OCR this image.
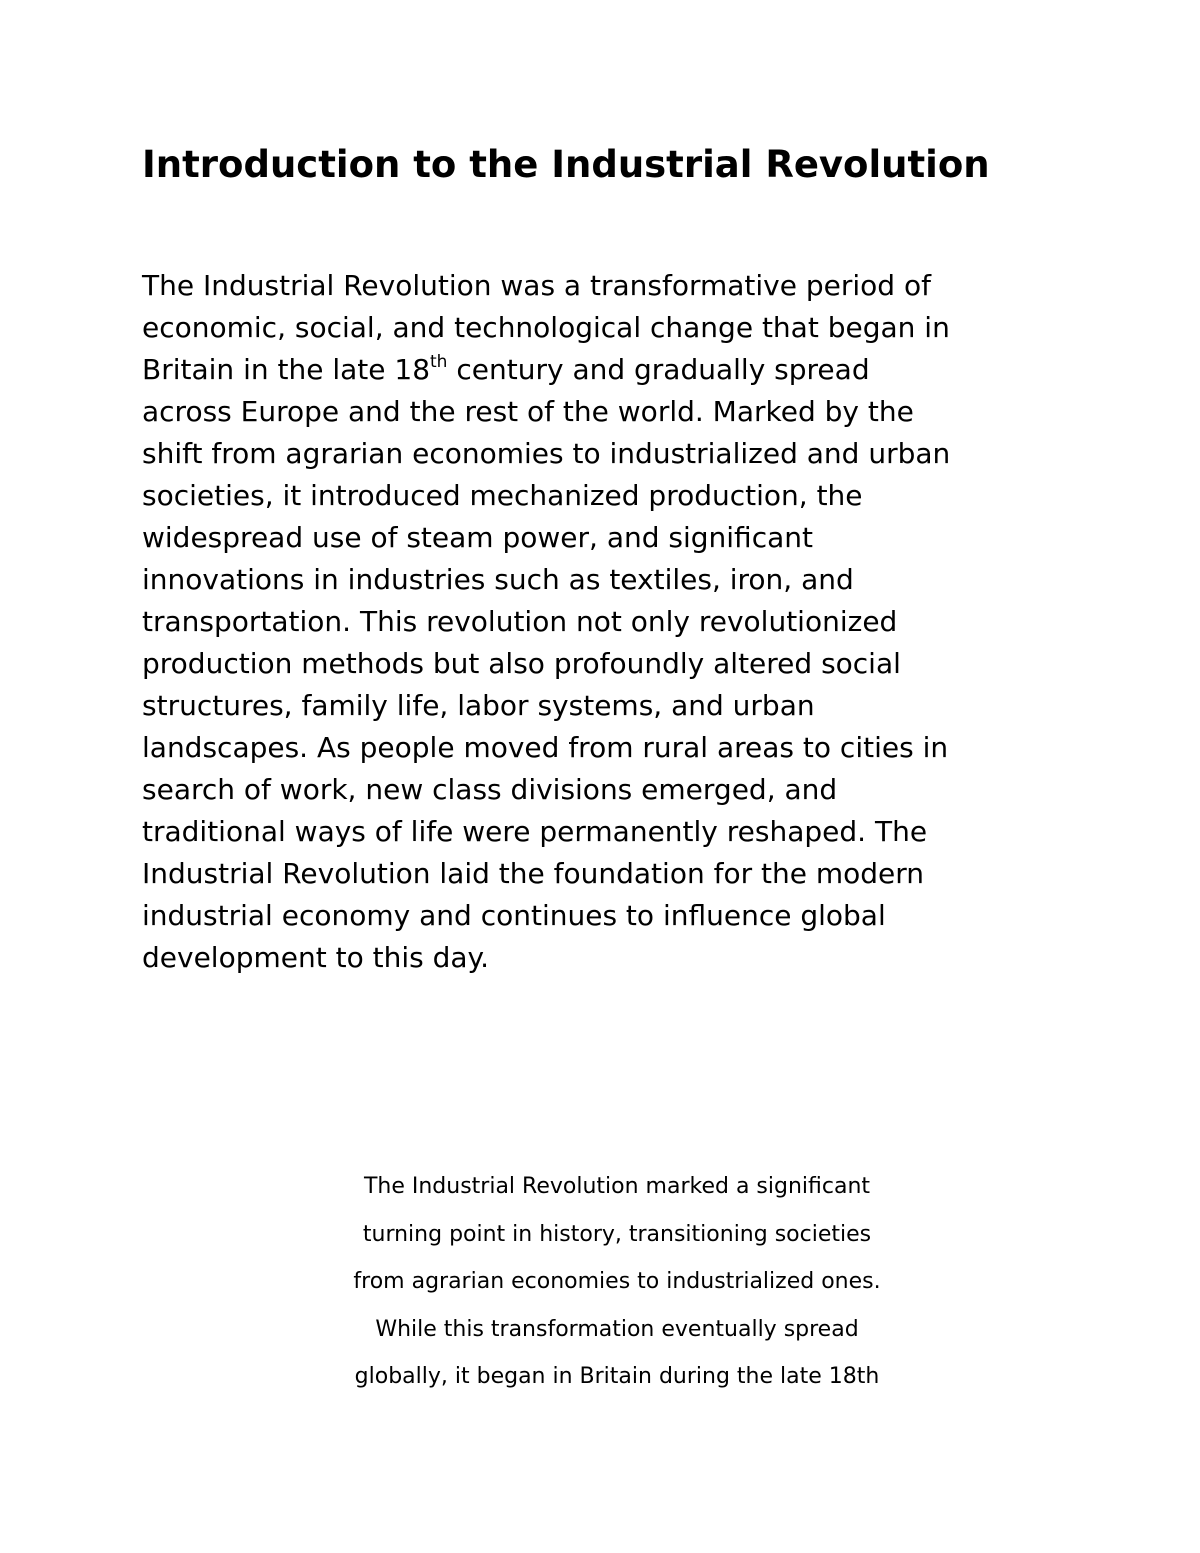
Introduction to the Industrial Revolution

The Industrial Revolution was a transformative period of
economic, social, and technological change that began in
Britain in the late 18th century and gradually spread
across Europe and the rest of the world. Marked by the
shift from agrarian economies to industrialized and urban
societies, it introduced mechanized production, the
widespread use of steam power, and significant
innovations in industries such as textiles, iron, and
transportation. This revolution not only revolutionized
production methods but also profoundly altered social
structures, family life, labor systems, and urban
landscapes. As people moved from rural areas to cities in
search of work, new class divisions emerged, and
traditional ways of life were permanently reshaped. The
Industrial Revolution laid the foundation for the modern
industrial economy and continues to influence global
development to this day.

The Industrial Revolution marked a significant
turning point in history, transitioning societies
from agrarian economies to industrialized ones.
While this transformation eventually spread
globally, it began in Britain during the late 18th
